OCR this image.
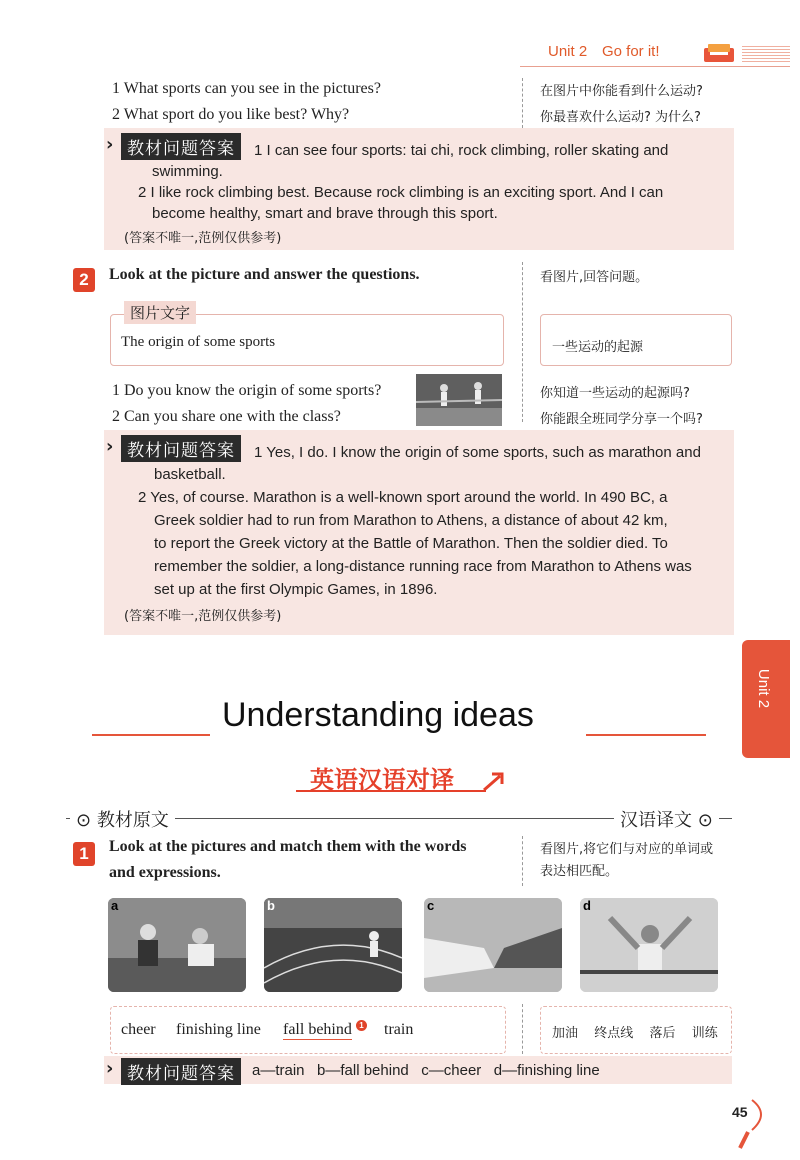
Unit 2 Go for it!
1 What sports can you see in the pictures?
2 What sport do you like best? Why?
在图片中你能看到什么运动?
你最喜欢什么运动? 为什么?
› 教材问题答案	1 I can see four sports: tai chi, rock climbing, roller skating and
swimming.
2 I like rock climbing best. Because rock climbing is an exciting sport. And I can
become healthy, smart and brave through this sport.
(答案不唯一,范例仅供参考)
2	Look at the picture and answer the questions.	看图片,回答问题。
图片文字
The origin of some sports	一些运动的起源
1 Do you know the origin of some sports?
2 Can you share one with the class?
你知道一些运动的起源吗?
你能跟全班同学分享一个吗?
› 教材问题答案	1 Yes, I do. I know the origin of some sports, such as marathon and
basketball.
2 Yes, of course. Marathon is a well-known sport around the world. In 490 BC, a
Greek soldier had to run from Marathon to Athens, a distance of about 42 km,
to report the Greek victory at the Battle of Marathon. Then the soldier died. To
remember the soldier, a long-distance running race from Marathon to Athens was
set up at the first Olympic Games, in 1896.
(答案不唯一,范例仅供参考)
Unit 2
Understanding ideas
英语汉语对译
⊙ 教材原文	汉语译文 ⊙
1	Look at the pictures and match them with the words
and expressions.
看图片,将它们与对应的单词或
表达相匹配。
a	b	c	d
cheer finishing line fall behind 1 train	加油  终点线  落后  训练
› 教材问题答案	a—train   b—fall behind   c—cheer   d—finishing line
45
